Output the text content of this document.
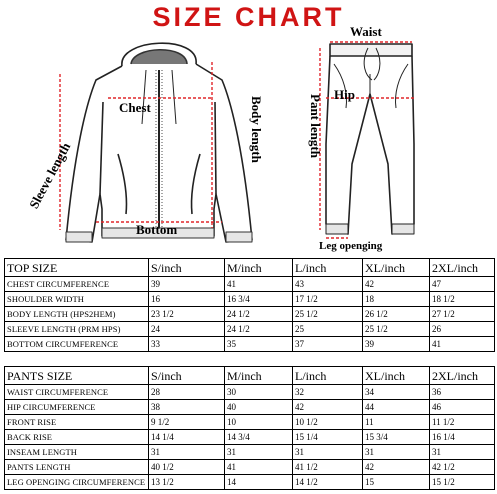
SIZE CHART
Chest	Body length
Sleeve length
Bottom
Waist
Hip
Pant length
Leg openging
TOP SIZE	S/inch	M/inch	L/inch	XL/inch	2XL/inch
CHEST CIRCUMFERENCE	39	41	43	42	47
SHOULDER WIDTH	16	16 3/4	17 1/2	18	18 1/2
BODY LENGTH (HPS2HEM)	23 1/2	24 1/2	25 1/2	26 1/2	27 1/2
SLEEVE LENGTH (PRM HPS)	24	24 1/2	25	25 1/2	26
BOTTOM CIRCUMFERENCE	33	35	37	39	41
PANTS SIZE	S/inch	M/inch	L/inch	XL/inch	2XL/inch
WAIST CIRCUMFERENCE	28	30	32	34	36
HIP CIRCUMFERENCE	38	40	42	44	46
FRONT RISE	9 1/2	10	10 1/2	11	11 1/2
BACK RISE	14 1/4	14 3/4	15 1/4	15 3/4	16 1/4
INSEAM LENGTH	31	31	31	31	31
PANTS LENGTH	40 1/2	41	41 1/2	42	42 1/2
LEG OPENGING CIRCUMFERENCE	13 1/2	14	14 1/2	15	15 1/2
